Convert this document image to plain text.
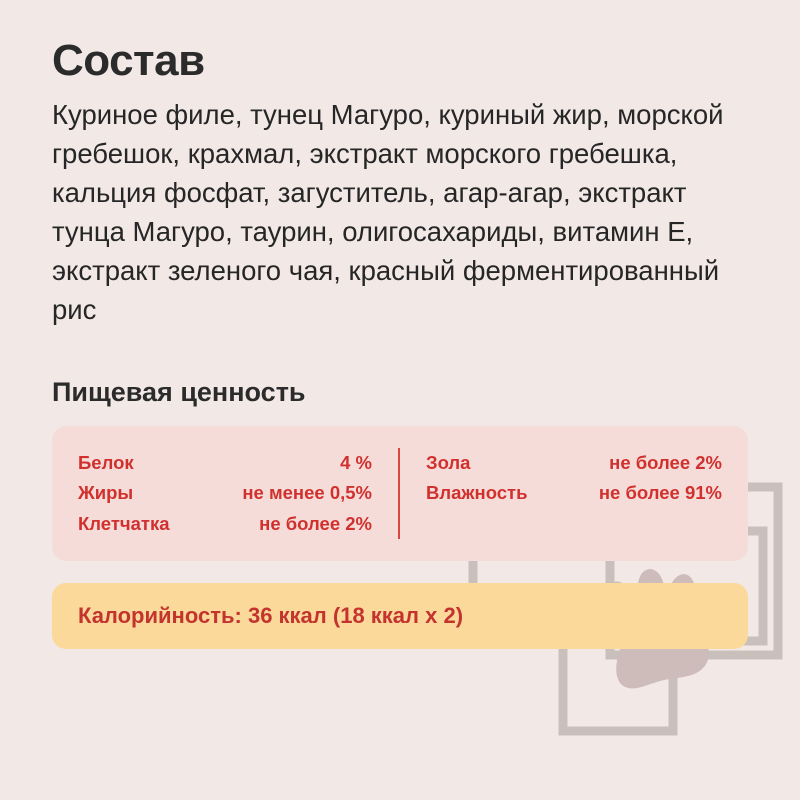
Состав

Куриное филе, тунец Магуро, куриный жир, морской гребешок, крахмал, экстракт морского гребешка, кальция фосфат, загуститель, агар-агар, экстракт тунца Магуро, таурин, олигосахариды, витамин Е, экстракт зеленого чая, красный ферментированный рис

Пищевая ценность
Белок	4 %
Жиры	не менее 0,5%
Клетчатка	не более 2%
Зола	не более 2%
Влажность	не более 91%
Калорийность: 36 ккал (18 ккал х 2)
